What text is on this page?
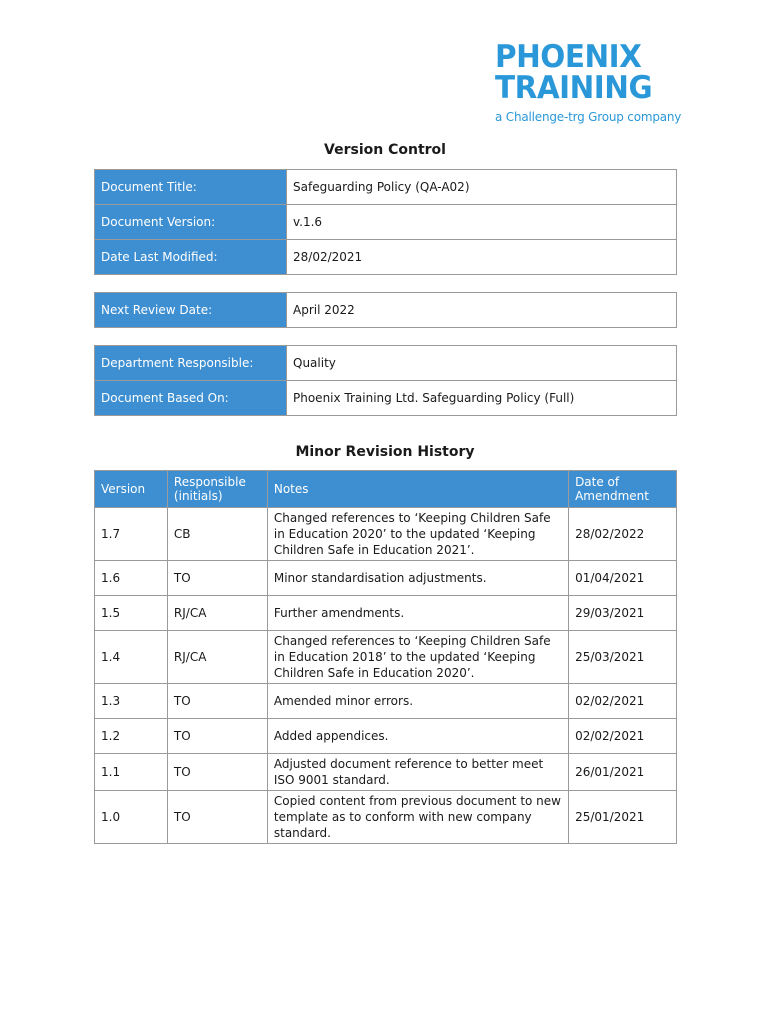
PHOENIX
TRAINING
a Challenge-trg Group company
Version Control
Document Title:	Safeguarding Policy (QA-A02)
Document Version:	v.1.6
Date Last Modified:	28/02/2021
Next Review Date:	April 2022
Department Responsible:	Quality
Document Based On:	Phoenix Training Ltd. Safeguarding Policy (Full)
Minor Revision History
Version	Responsible (initials)	Notes	Date of Amendment
1.7	CB	Changed references to ‘Keeping Children Safe in Education 2020’ to the updated ‘Keeping Children Safe in Education 2021’.	28/02/2022
1.6	TO	Minor standardisation adjustments.	01/04/2021
1.5	RJ/CA	Further amendments.	29/03/2021
1.4	RJ/CA	Changed references to ‘Keeping Children Safe in Education 2018’ to the updated ‘Keeping Children Safe in Education 2020’.	25/03/2021
1.3	TO	Amended minor errors.	02/02/2021
1.2	TO	Added appendices.	02/02/2021
1.1	TO	Adjusted document reference to better meet ISO 9001 standard.	26/01/2021
1.0	TO	Copied content from previous document to new template as to conform with new company standard.	25/01/2021
